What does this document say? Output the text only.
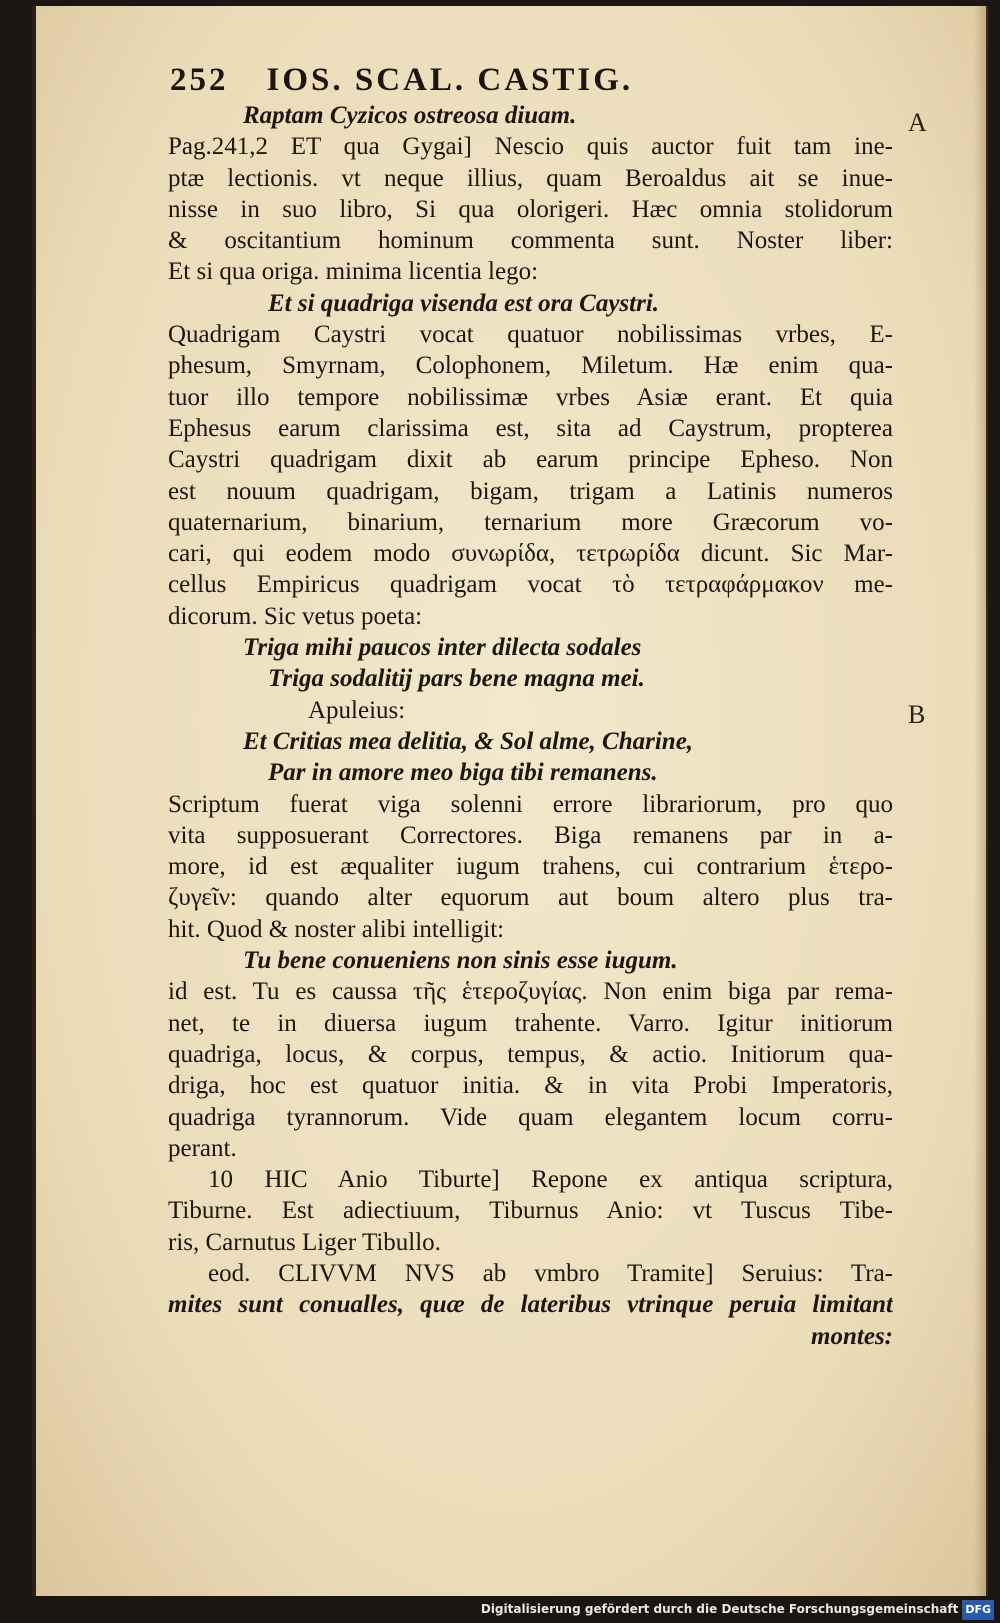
252 IOS. SCAL. CASTIG.
A
B
Raptam Cyzicos ostreosa diuam.
Pag.241,2 ET qua Gygai] Nescio quis auctor fuit tam ine-
ptæ lectionis. vt neque illius, quam Beroaldus ait se inue-
nisse in suo libro, Si qua olorigeri. Hæc omnia stolidorum
& oscitantium hominum commenta sunt. Noster liber:
Et si qua origa. minima licentia lego:
Et si quadriga visenda est ora Caystri.
Quadrigam Caystri vocat quatuor nobilissimas vrbes, E-
phesum, Smyrnam, Colophonem, Miletum. Hæ enim qua-
tuor illo tempore nobilissimæ vrbes Asiæ erant. Et quia
Ephesus earum clarissima est, sita ad Caystrum, propterea
Caystri quadrigam dixit ab earum principe Epheso. Non
est nouum quadrigam, bigam, trigam a Latinis numeros
quaternarium, binarium, ternarium more Græcorum vo-
cari, qui eodem modo συνωρίδα, τετρωρίδα dicunt. Sic Mar-
cellus Empiricus quadrigam vocat τὸ τετραφάρμακον me-
dicorum. Sic vetus poeta:
Triga mihi paucos inter dilecta sodales
Triga sodalitij pars bene magna mei.
Apuleius:
Et Critias mea delitia, & Sol alme, Charine,
Par in amore meo biga tibi remanens.
Scriptum fuerat viga solenni errore librariorum, pro quo
vita supposuerant Correctores. Biga remanens par in a-
more, id est æqualiter iugum trahens, cui contrarium ἑτερο-
ζυγεῖν: quando alter equorum aut boum altero plus tra-
hit. Quod & noster alibi intelligit:
Tu bene conueniens non sinis esse iugum.
id est. Tu es caussa τῆς ἑτεροζυγίας. Non enim biga par rema-
net, te in diuersa iugum trahente. Varro. Igitur initiorum
quadriga, locus, & corpus, tempus, & actio. Initiorum qua-
driga, hoc est quatuor initia. & in vita Probi Imperatoris,
quadriga tyrannorum. Vide quam elegantem locum corru-
perant.
10 HIC Anio Tiburte] Repone ex antiqua scriptura,
Tiburne. Est adiectiuum, Tiburnus Anio: vt Tuscus Tibe-
ris, Carnutus Liger Tibullo.
eod. CLIVVM NVS ab vmbro Tramite] Seruius: Tra-
mites sunt conualles, quæ de lateribus vtrinque peruia limitant
montes:
Digitalisierung gefördert durch die Deutsche Forschungsgemeinschaft DFG
